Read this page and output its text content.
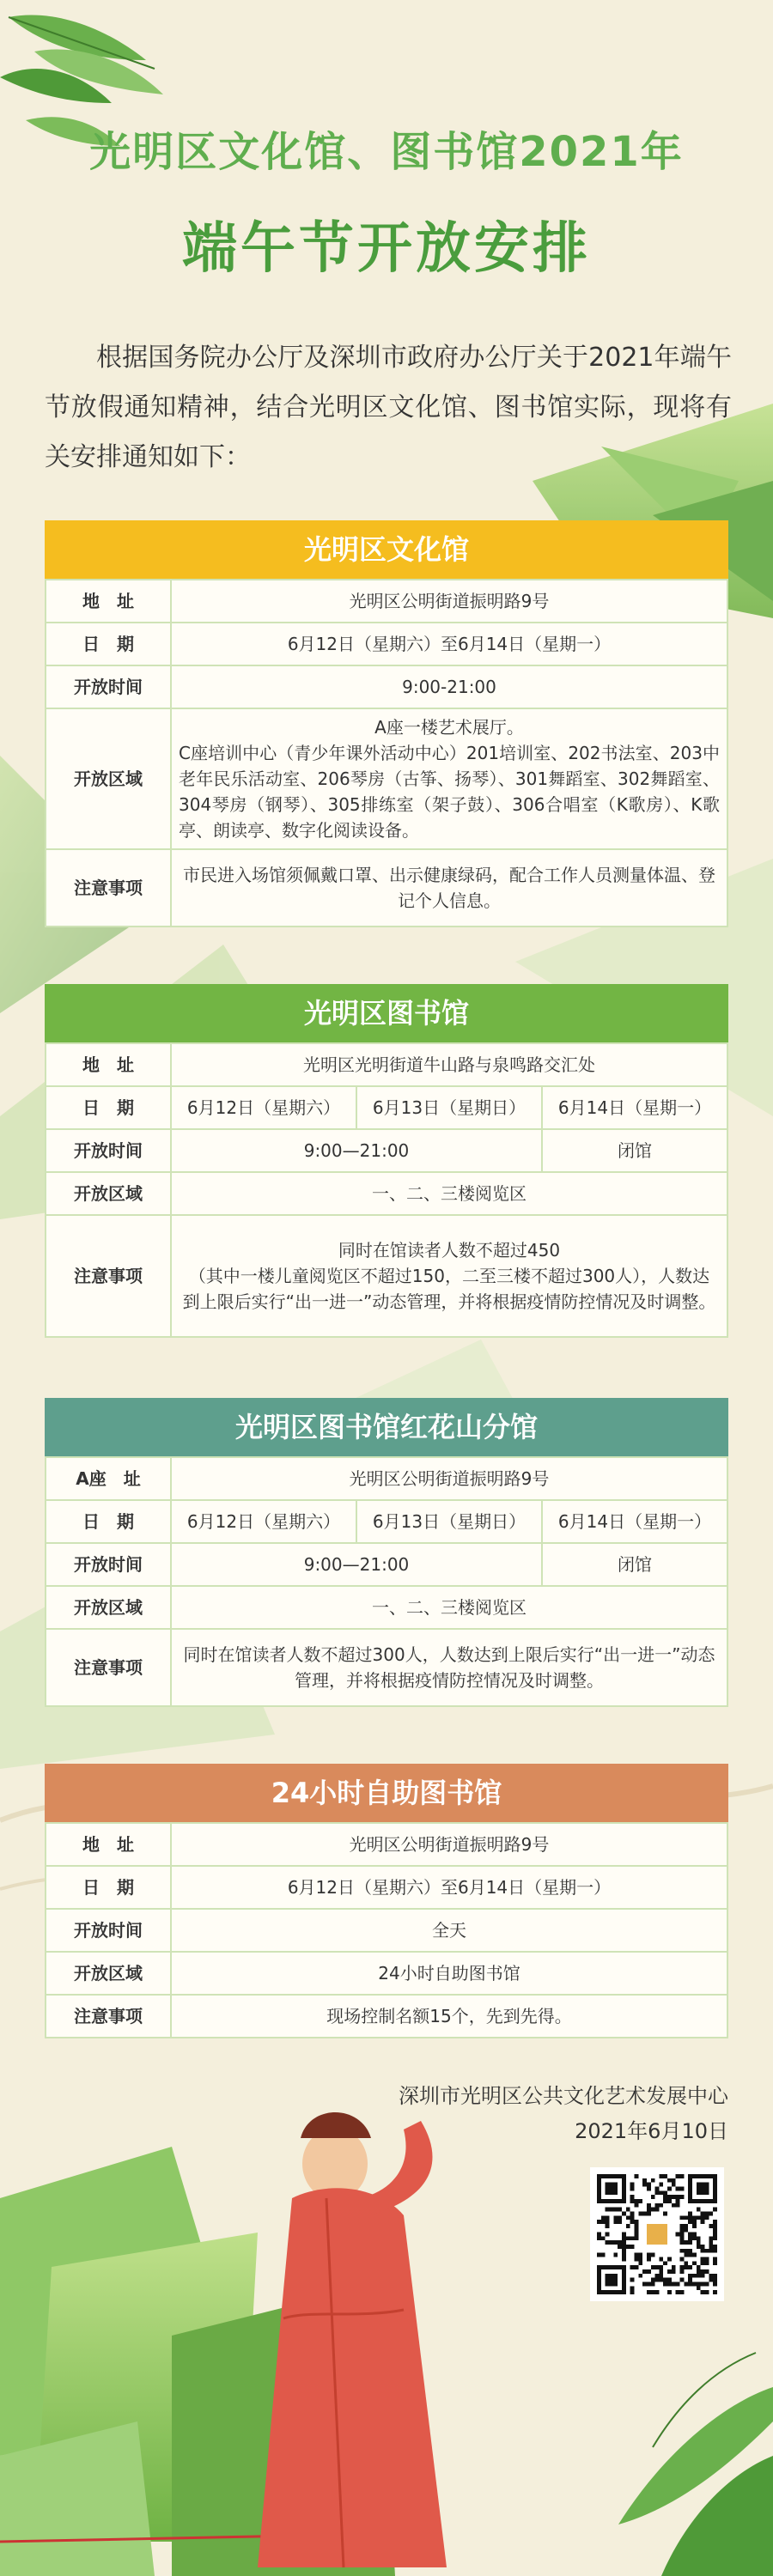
光明区文化馆、图书馆2021年
端午节开放安排

根据国务院办公厅及深圳市政府办公厅关于2021年端午节放假通知精神，结合光明区文化馆、图书馆实际，现将有关安排通知如下：

光明区文化馆
地　址	光明区公明街道振明路9号
日　期	6月12日（星期六）至6月14日（星期一）
开放时间	9:00-21:00
开放区域	A座一楼艺术展厅。
C座培训中心（青少年课外活动中心）201培训室、202书法室、203中老年民乐活动室、206琴房（古筝、扬琴）、301舞蹈室、302舞蹈室、304琴房（钢琴）、305排练室（架子鼓）、306合唱室（K歌房）、K歌亭、朗读亭、数字化阅读设备。

注意事项	市民进入场馆须佩戴口罩、出示健康绿码，配合工作人员测量体温、登记个人信息。
光明区图书馆
地　址	光明区光明街道牛山路与泉鸣路交汇处		
日　期	6月12日（星期六）	6月13日（星期日）	6月14日（星期一）
开放时间	9:00—21:00		闭馆
开放区域	一、二、三楼阅览区		
注意事项	同时在馆读者人数不超过450
（其中一楼儿童阅览区不超过150，二至三楼不超过300人），人数达到上限后实行“出一进一”动态管理，并将根据疫情防控情况及时调整。		
光明区图书馆红花山分馆
A座　址	光明区公明街道振明路9号		
日　期	6月12日（星期六）	6月13日（星期日）	6月14日（星期一）
开放时间	9:00—21:00		闭馆
开放区域	一、二、三楼阅览区		
注意事项	同时在馆读者人数不超过300人，人数达到上限后实行“出一进一”动态管理，并将根据疫情防控情况及时调整。		
24小时自助图书馆
地　址	光明区公明街道振明路9号
日　期	6月12日（星期六）至6月14日（星期一）
开放时间	全天
开放区域	24小时自助图书馆
注意事项	现场控制名额15个，先到先得。
深圳市光明区公共文化艺术发展中心
2021年6月10日
